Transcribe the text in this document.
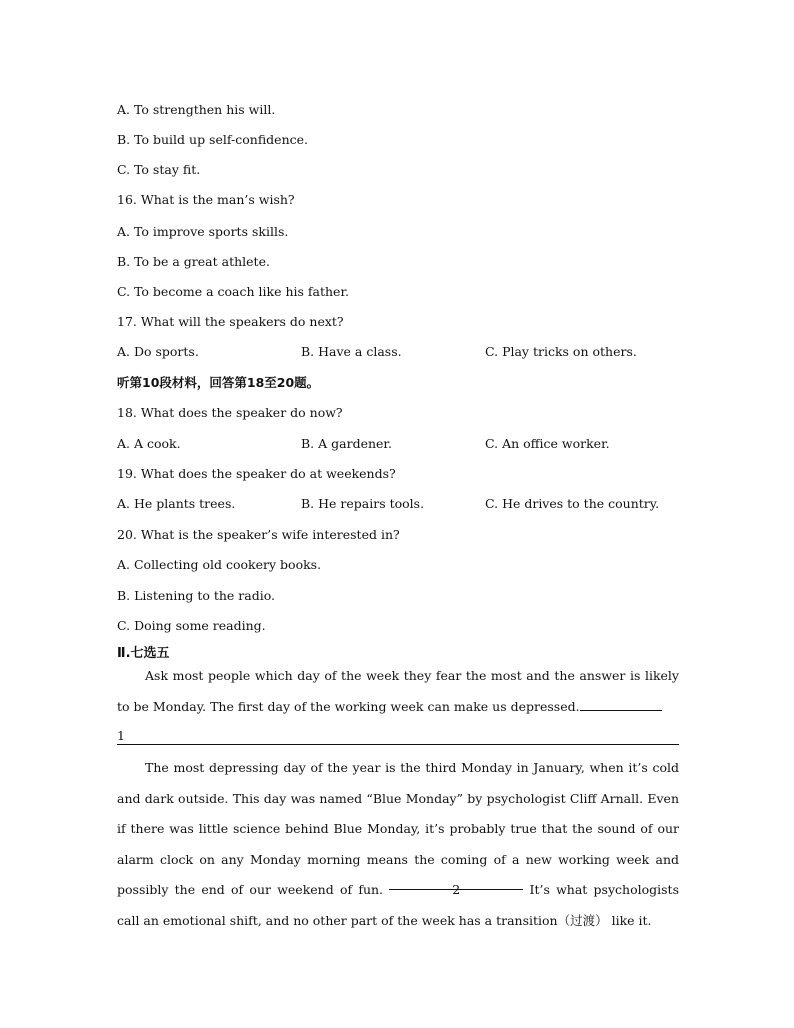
A. To strengthen his will.
B. To build up self-confidence.
C. To stay fit.
16. What is the man’s wish?
A. To improve sports skills.
B. To be a great athlete.
C. To become a coach like his father.
17. What will the speakers do next?
A. Do sports.	B. Have a class.	C. Play tricks on others.
听第10段材料，回答第18至20题。
18. What does the speaker do now?
A. A cook.	B. A gardener.	C. An office worker.
19. What does the speaker do at weekends?
A. He plants trees.	B. He repairs tools.	C. He drives to the country.
20. What is the speaker’s wife interested in?
A. Collecting old cookery books.
B. Listening to the radio.
C. Doing some reading.
Ⅱ.七选五
Ask most people which day of the week they fear the most and the answer is likely to be Monday. The first day of the working week can make us depressed.
1
The most depressing day of the year is the third Monday in January, when it’s cold and dark outside. This day was named “Blue Monday” by psychologist Cliff Arnall. Even if there was little science behind Blue Monday, it’s probably true that the sound of our alarm clock on any Monday morning means the coming of a new working week and possibly the end of our weekend of fun.	2	It’s what psychologists call an emotional shift, and no other part of the week has a transition（过渡） like it.
